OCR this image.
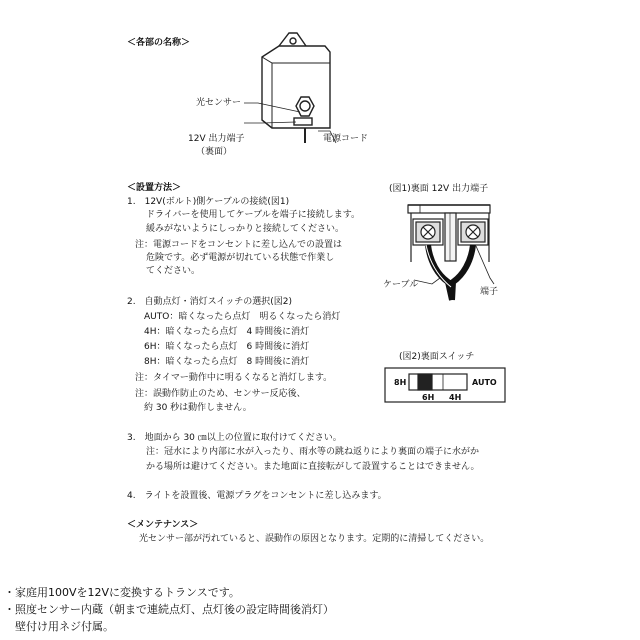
＜各部の名称＞
光センサー
12V 出力端子
（裏面）
電源コード
＜設置方法＞
1.　12V(ボルト)側ケーブルの接続(図1)
ドライバーを使用してケーブルを端子に接続します。
緩みがないようにしっかりと接続してください。
注：電源コードをコンセントに差し込んでの設置は
危険です。必ず電源が切れている状態で作業し
てください。
2.　自動点灯・消灯スイッチの選択(図2)
AUTO：暗くなったら点灯　明るくなったら消灯
4H：暗くなったら点灯　4 時間後に消灯
6H：暗くなったら点灯　6 時間後に消灯
8H：暗くなったら点灯　8 時間後に消灯
注：タイマー動作中に明るくなると消灯します。
注：誤動作防止のため、センサー反応後、
約 30 秒は動作しません。
3.　地面から 30 ㎝以上の位置に取付けてください。
注：冠水により内部に水が入ったり、雨水等の跳ね返りにより裏面の端子に水がか
かる場所は避けてください。また地面に直接転がして設置することはできません。
4.　ライトを設置後、電源プラグをコンセントに差し込みます。
(図1)裏面 12V 出力端子
ケーブル
端子
(図2)裏面スイッチ
8H	AUTO
6H 4H
＜メンテナンス＞
光センサー部が汚れていると、誤動作の原因となります。定期的に清掃してください。
・家庭用100Vを12Vに変換するトランスです。
・照度センサー内蔵（朝まで連続点灯、点灯後の設定時間後消灯）
　壁付け用ネジ付属。
